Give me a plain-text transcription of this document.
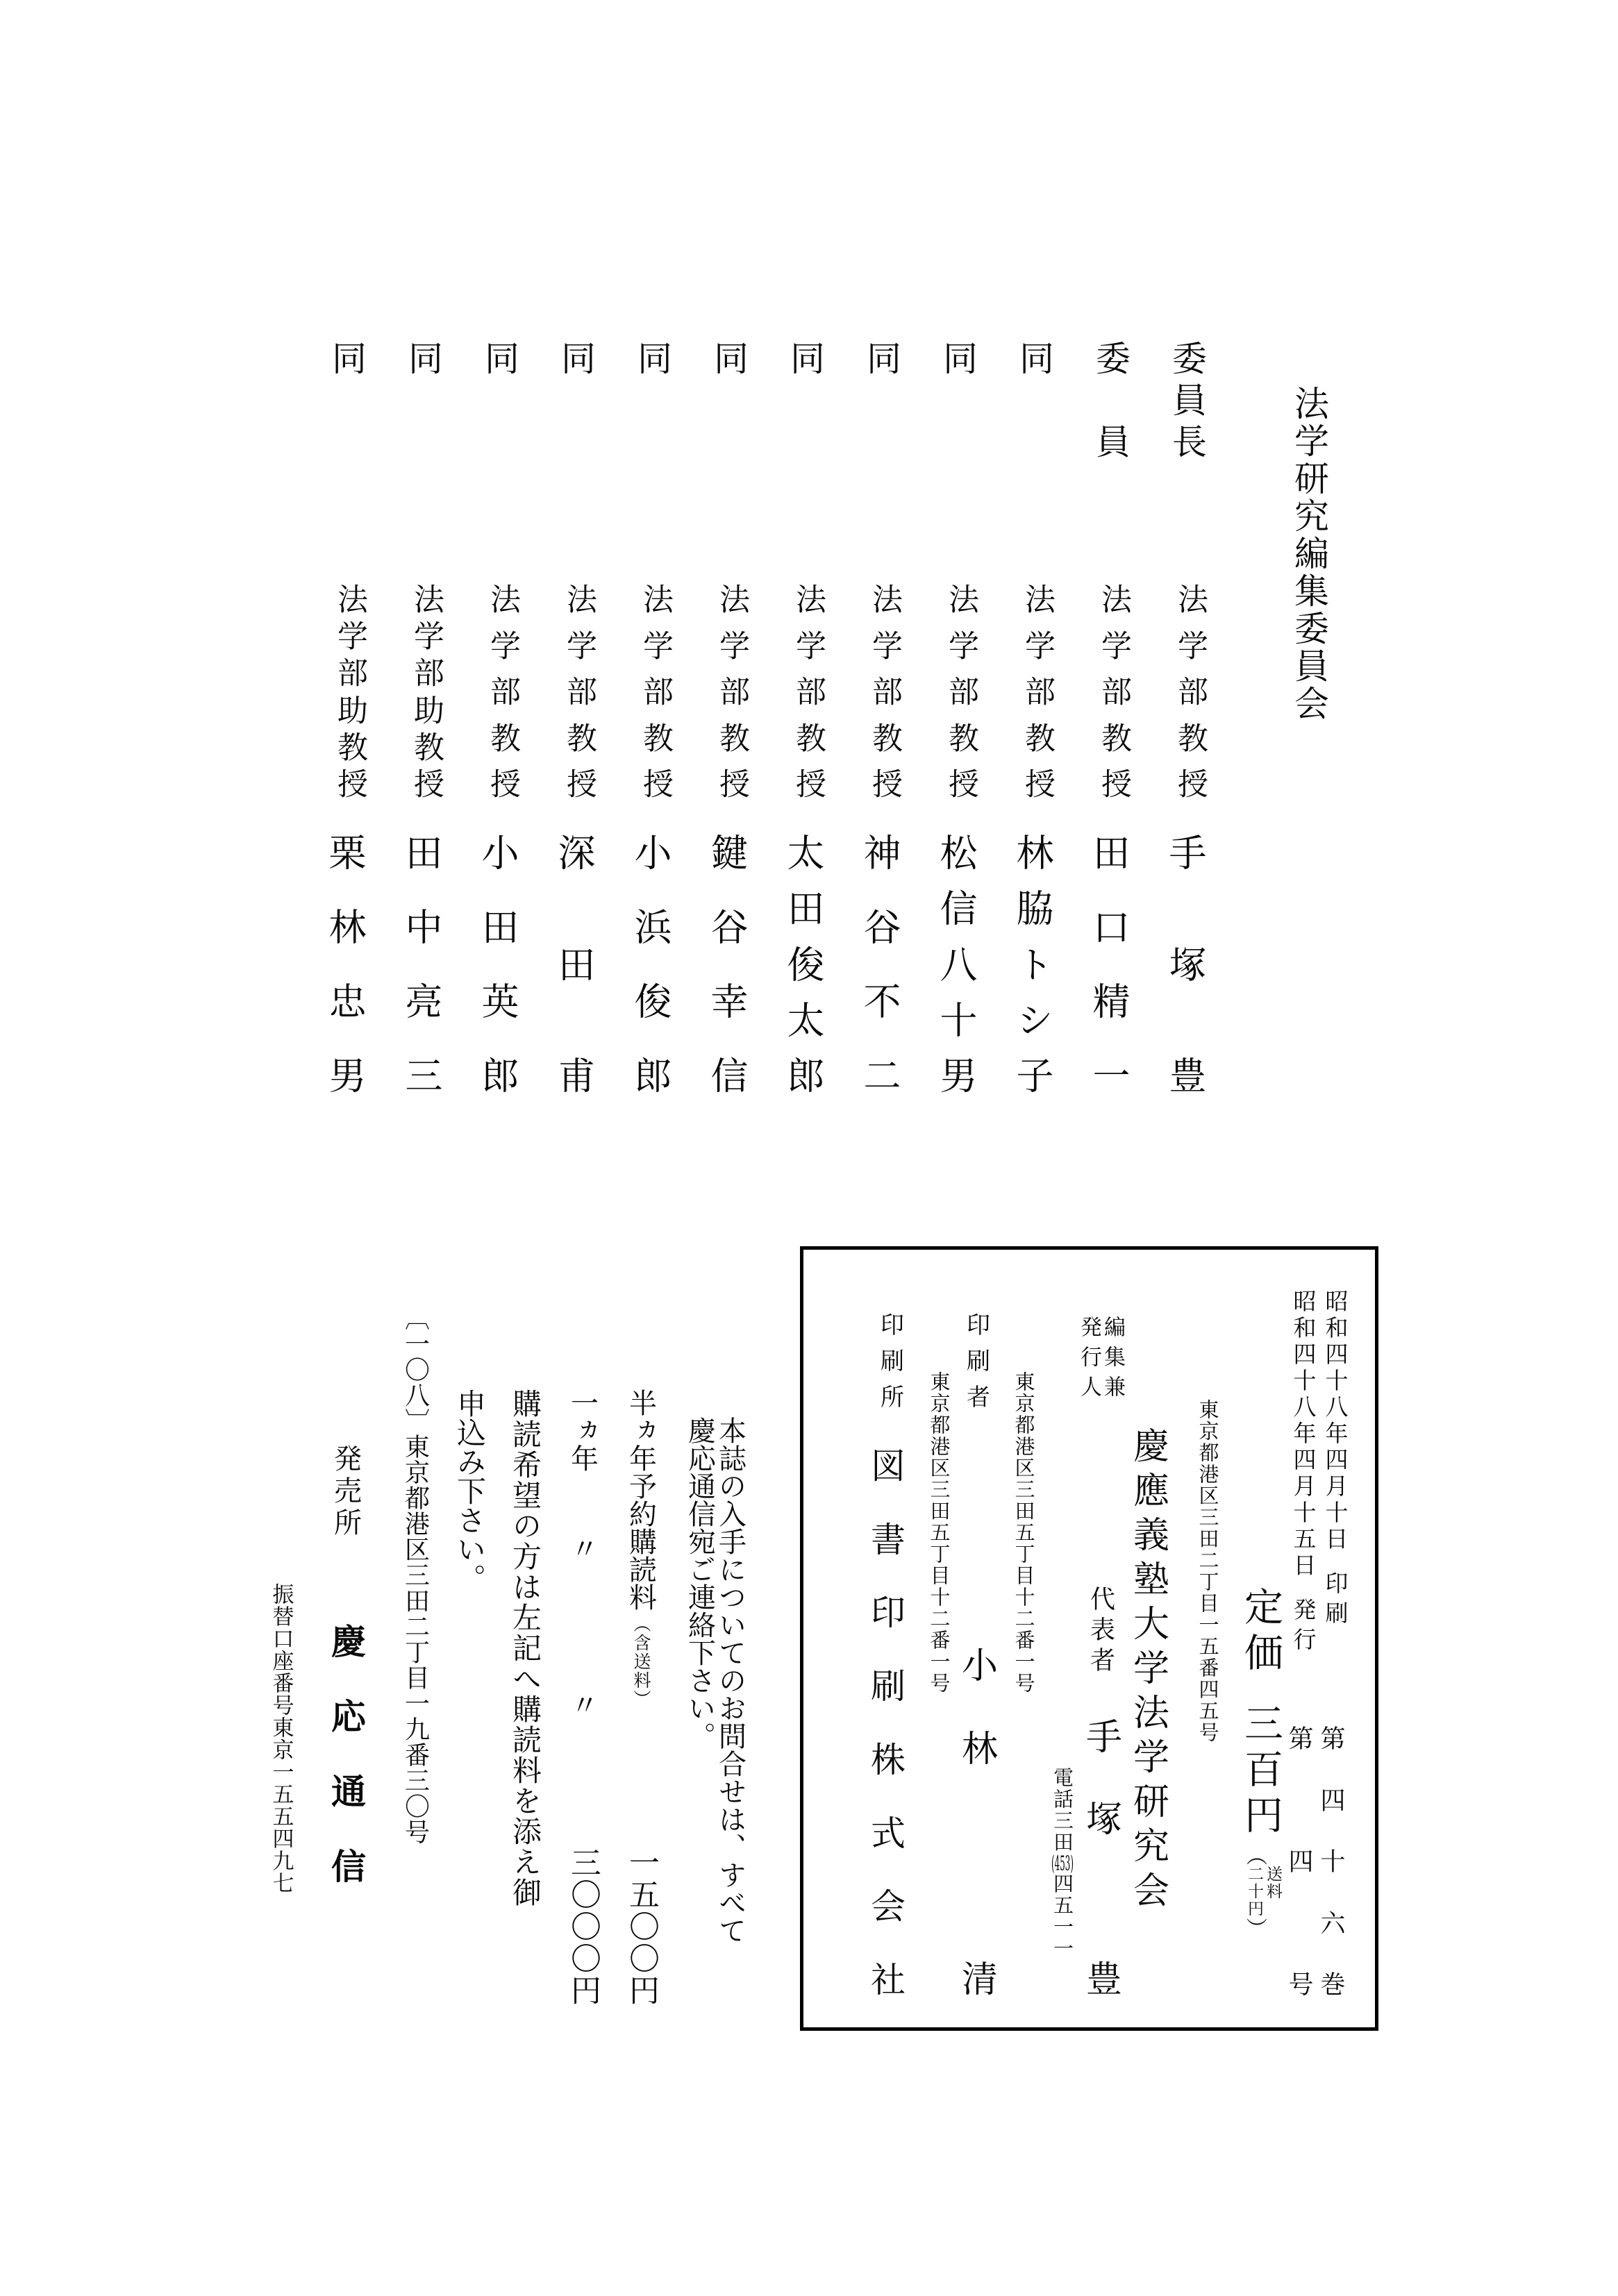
法学研究編集委員会
委
員
長
法
学
部
教
授
手
塚
豊
委
員
法
学
部
教
授
田
口
精
一
同
法
学
部
教
授
林
脇
ト
シ
子
同
法
学
部
教
授
松
信
八
十
男
同
法
学
部
教
授
神
谷
不
二
同
法
学
部
教
授
太
田
俊
太
郎
同
法
学
部
教
授
鍵
谷
幸
信
同
法
学
部
教
授
小
浜
俊
郎
同
法
学
部
教
授
深
田
甫
同
法
学
部
教
授
小
田
英
郎
同
法
学
部
助
教
授
田
中
亮
三
同
法
学
部
助
教
授
栗
林
忠
男
昭和四十八年四月十日
印刷
第
四
十
六
巻
昭和四十八年四月十五日
発行
第
四
号
定価
三百円
（
送料
二十円
）
東京都港区三田二丁目一五番四五号
慶應義塾大学法学研究会
編集兼
発行人
代表者
手塚
豊
電話三田(453)四五一一
東京都港区三田五丁目十二番一号
印刷者
小林
清
東京都港区三田五丁目十二番一号
印刷所
図
書
印
刷
株
式
会
社
本誌の入手についてのお問合せは、すべて
慶応通信宛ご連絡下さい。
半ヵ年予約購読料
（含送料）
一五〇〇円
一ヵ年
〃
〃
三〇〇〇円
購読希望の方は左記へ購読料を添え御
申込み下さい。
〔一〇八〕
東京都港区三田二丁目一九番三〇号
発売所
慶応通信
振替口座番号東京一五五四九七
